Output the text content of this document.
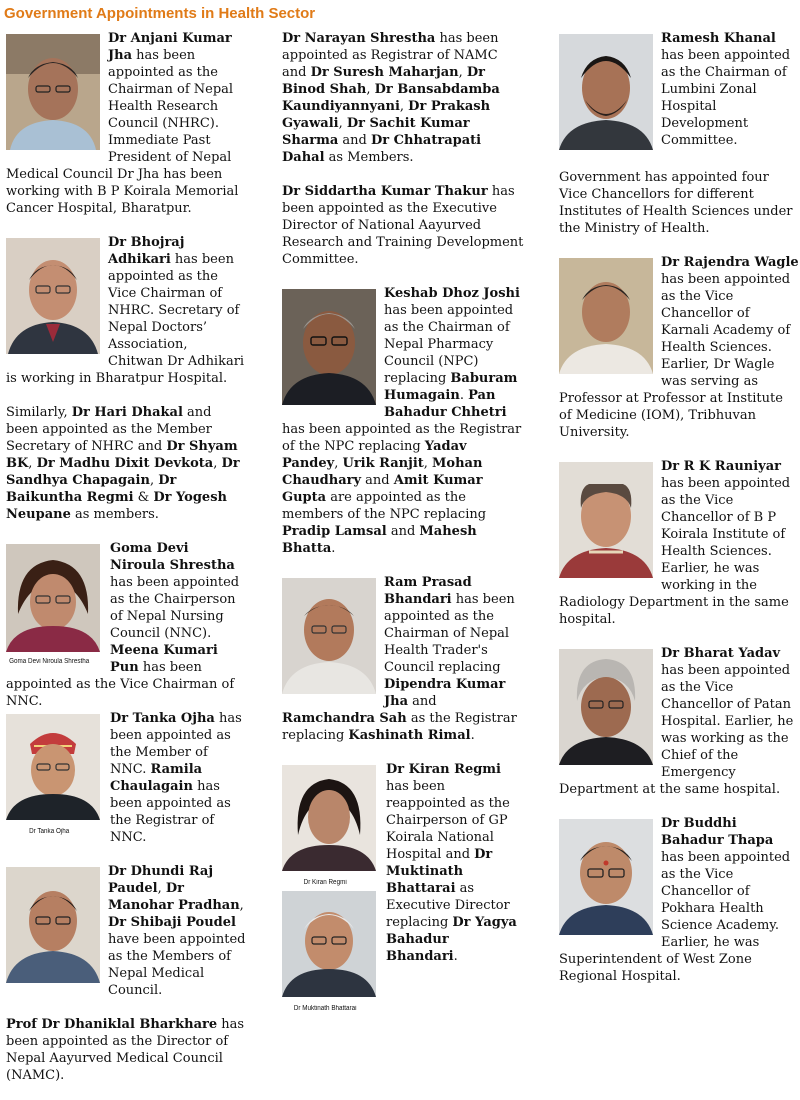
Government Appointments in Health Sector

Dr Anjani Kumar Jha has been appointed as the Chairman of Nepal Health Research Council (NHRC). Immediate Past President of Nepal Medical Council Dr Jha has been working with B P Koirala Memorial Cancer Hospital, Bharatpur.

Dr Bhojraj Adhikari has been appointed as the Vice Chairman of NHRC. Secretary of Nepal Doctors’ Association, Chitwan Dr Adhikari is working in Bharatpur Hospital.

Similarly, Dr Hari Dhakal and been appointed as the Member Secretary of NHRC and Dr Shyam BK, Dr Madhu Dixit Devkota, Dr Sandhya Chapagain, Dr Baikuntha Regmi & Dr Yogesh Neupane as members.

Goma Devi Niroula Shrestha

Goma Devi Niroula Shrestha has been appointed as the Chairperson of Nepal Nursing Council (NNC). Meena Kumari Pun has been appointed as the Vice Chairman of NNC.

Dr Tanka Ojha

Dr Tanka Ojha has been appointed as the Member of NNC. Ramila Chaulagain has been appointed as the Registrar of NNC.

Dr Dhundi Raj Paudel, Dr Manohar Pradhan, Dr Shibaji Poudel have been appointed as the Members of Nepal Medical Council.

Prof Dr Dhaniklal Bharkhare has been appointed as the Director of Nepal Aayurved Medical Council (NAMC).

Dr Narayan Shrestha has been appointed as Registrar of NAMC and Dr Suresh Maharjan, Dr Binod Shah, Dr Bansabdamba Kaundiyannyani, Dr Prakash Gyawali, Dr Sachit Kumar Sharma and Dr Chhatrapati Dahal as Members.

Dr Siddartha Kumar Thakur has been appointed as the Executive Director of National Aayurved Research and Training Development Committee.

Keshab Dhoz Joshi has been appointed as the Chairman of Nepal Pharmacy Council (NPC) replacing Baburam Humagain. Pan Bahadur Chhetri has been appointed as the Registrar of the NPC replacing Yadav Pandey, Urik Ranjit, Mohan Chaudhary and Amit Kumar Gupta are appointed as the members of the NPC replacing Pradip Lamsal and Mahesh Bhatta.

Ram Prasad Bhandari has been appointed as the Chairman of Nepal Health Trader's Council replacing Dipendra Kumar Jha and Ramchandra Sah as the Registrar replacing Kashinath Rimal.

Dr Kiran Regmi
Dr Muktinath Bhattarai

Dr Kiran Regmi has been reappointed as the Chairperson of GP Koirala National Hospital and Dr Muktinath Bhattarai as Executive Director replacing Dr Yagya Bahadur Bhandari.

Ramesh Khanal has been appointed as the Chairman of Lumbini Zonal Hospital Development Committee.

Government has appointed four Vice Chancellors for different Institutes of Health Sciences under the Ministry of Health.

Dr Rajendra Wagle has been appointed as the Vice Chancellor of Karnali Academy of Health Sciences. Earlier, Dr Wagle was serving as Professor at Professor at Institute of Medicine (IOM), Tribhuvan University.

Dr R K Rauniyar has been appointed as the Vice Chancellor of B P Koirala Institute of Health Sciences. Earlier, he was working in the Radiology Department in the same hospital.

Dr Bharat Yadav has been appointed as the Vice Chancellor of Patan Hospital. Earlier, he was working as the Chief of the Emergency Department at the same hospital.

Dr Buddhi Bahadur Thapa has been appointed as the Vice Chancellor of Pokhara Health Science Academy. Earlier, he was Superintendent of West Zone Regional Hospital.
